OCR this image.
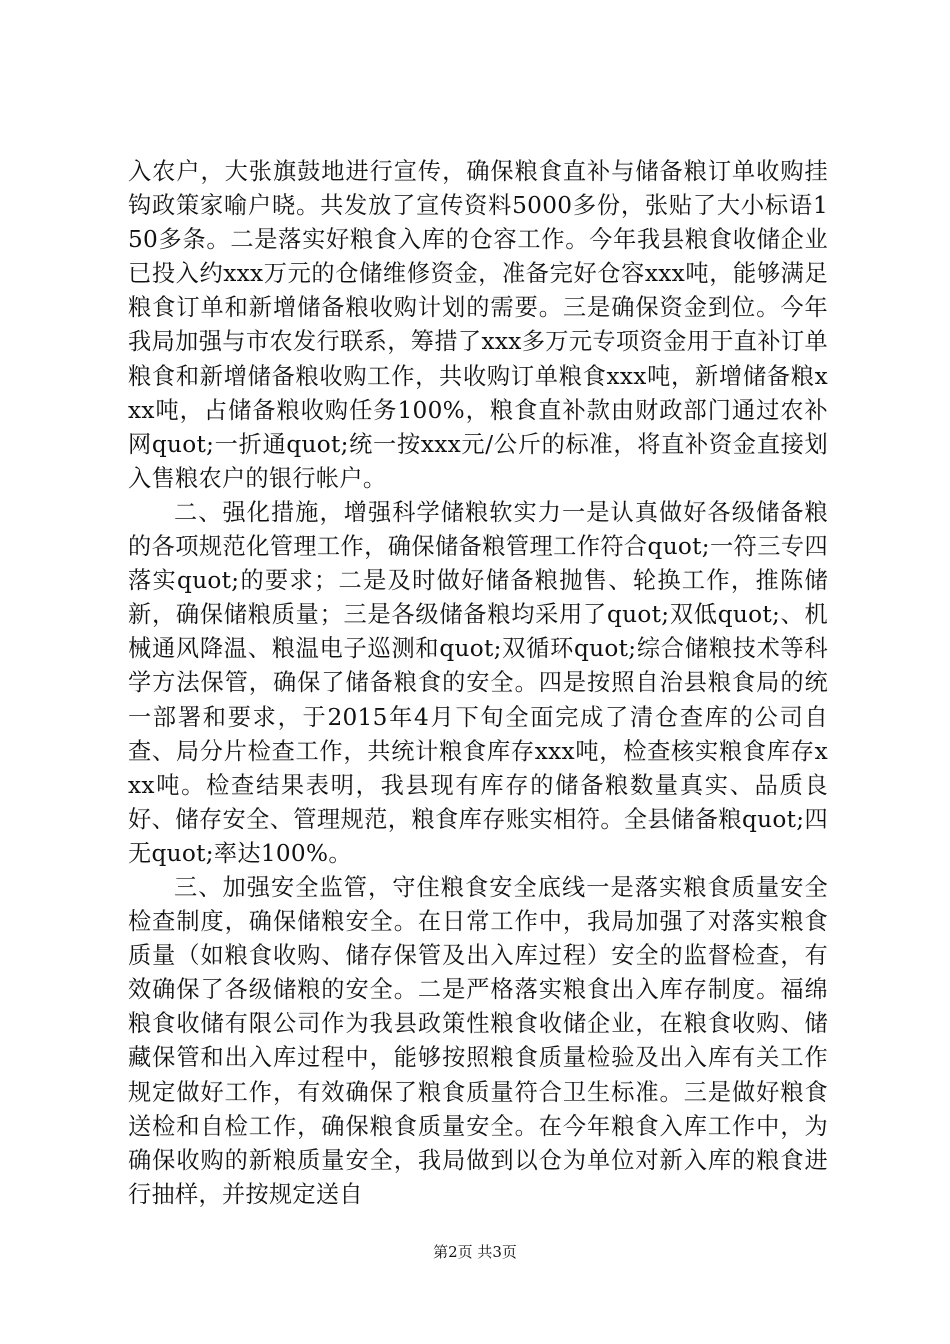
入农户，大张旗鼓地进行宣传，确保粮食直补与储备粮订单收购挂钩政策家喻户晓。共发放了宣传资料5000多份，张贴了大小标语150多条。二是落实好粮食入库的仓容工作。今年我县粮食收储企业已投入约xxx万元的仓储维修资金，准备完好仓容xxx吨，能够满足粮食订单和新增储备粮收购计划的需要。三是确保资金到位。今年我局加强与市农发行联系，筹措了xxx多万元专项资金用于直补订单粮食和新增储备粮收购工作，共收购订单粮食xxx吨，新增储备粮xxx吨，占储备粮收购任务100%，粮食直补款由财政部门通过农补网quot;一折通quot;统一按xxx元/公斤的标准，将直补资金直接划入售粮农户的银行帐户。

二、强化措施，增强科学储粮软实力一是认真做好各级储备粮的各项规范化管理工作，确保储备粮管理工作符合quot;一符三专四落实quot;的要求；二是及时做好储备粮抛售、轮换工作，推陈储新，确保储粮质量；三是各级储备粮均采用了quot;双低quot;、机械通风降温、粮温电子巡测和quot;双循环quot;综合储粮技术等科学方法保管，确保了储备粮食的安全。四是按照自治县粮食局的统一部署和要求，于2015年4月下旬全面完成了清仓查库的公司自查、局分片检查工作，共统计粮食库存xxx吨，检查核实粮食库存xxx吨。检查结果表明，我县现有库存的储备粮数量真实、品质良好、储存安全、管理规范，粮食库存账实相符。全县储备粮quot;四无quot;率达100%。

三、加强安全监管，守住粮食安全底线一是落实粮食质量安全检查制度，确保储粮安全。在日常工作中，我局加强了对落实粮食质量（如粮食收购、储存保管及出入库过程）安全的监督检查，有效确保了各级储粮的安全。二是严格落实粮食出入库存制度。福绵粮食收储有限公司作为我县政策性粮食收储企业，在粮食收购、储藏保管和出入库过程中，能够按照粮食质量检验及出入库有关工作规定做好工作，有效确保了粮食质量符合卫生标准。三是做好粮食送检和自检工作，确保粮食质量安全。在今年粮食入库工作中，为确保收购的新粮质量安全，我局做到以仓为单位对新入库的粮食进行抽样，并按规定送自

第2页 共3页
